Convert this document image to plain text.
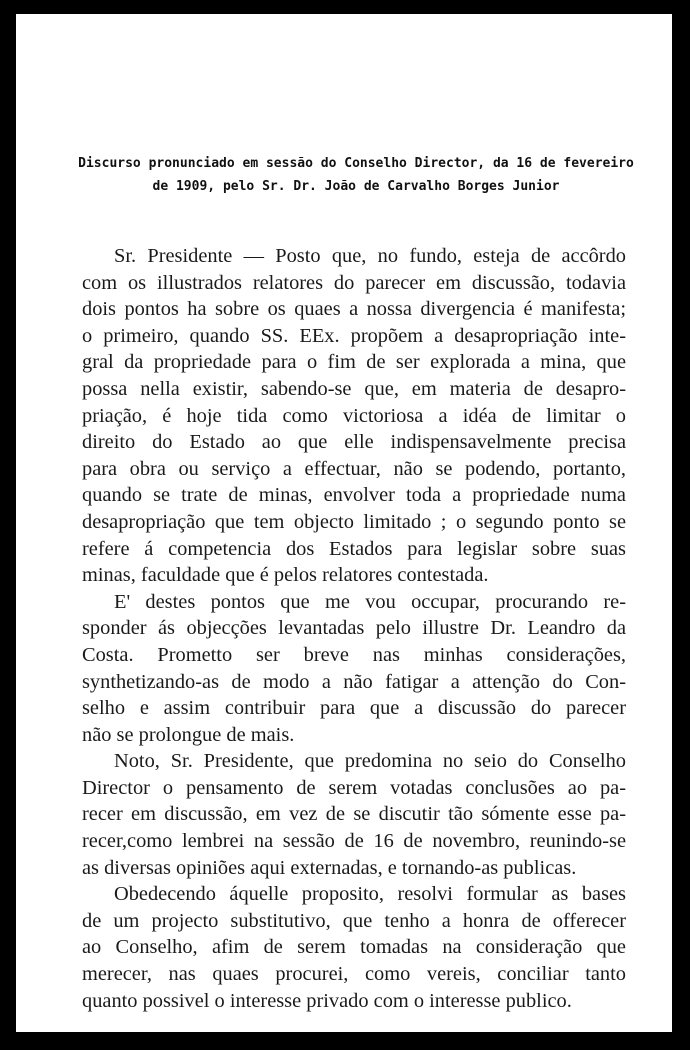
Discurso pronunciado em sessão do Conselho Director, da 16 de fevereiro
de 1909, pelo Sr. Dr. João de Carvalho Borges Junior
Sr. Presidente — Posto que, no fundo, esteja de accôrdo
com os illustrados relatores do parecer em discussão, todavia
dois pontos ha sobre os quaes a nossa divergencia é manifesta;
o primeiro, quando SS. EEx. propõem a desapropriação inte-
gral da propriedade para o fim de ser explorada a mina, que
possa nella existir, sabendo-se que, em materia de desapro-
priação, é hoje tida como victoriosa a idéa de limitar o
direito do Estado ao que elle indispensavelmente precisa
para obra ou serviço a effectuar, não se podendo, portanto,
quando se trate de minas, envolver toda a propriedade numa
desapropriação que tem objecto limitado ; o segundo ponto se
refere á competencia dos Estados para legislar sobre suas
minas, faculdade que é pelos relatores contestada.
E' destes pontos que me vou occupar, procurando re-
sponder ás objecções levantadas pelo illustre Dr. Leandro da
Costa. Prometto ser breve nas minhas considerações,
synthetizando-as de modo a não fatigar a attenção do Con-
selho e assim contribuir para que a discussão do parecer
não se prolongue de mais.
Noto, Sr. Presidente, que predomina no seio do Conselho
Director o pensamento de serem votadas conclusões ao pa-
recer em discussão, em vez de se discutir tão sómente esse pa-
recer,como lembrei na sessão de 16 de novembro, reunindo-se
as diversas opiniões aqui externadas, e tornando-as publicas.
Obedecendo áquelle proposito, resolvi formular as bases
de um projecto substitutivo, que tenho a honra de offerecer
ao Conselho, afim de serem tomadas na consideração que
merecer, nas quaes procurei, como vereis, conciliar tanto
quanto possivel o interesse privado com o interesse publico.
